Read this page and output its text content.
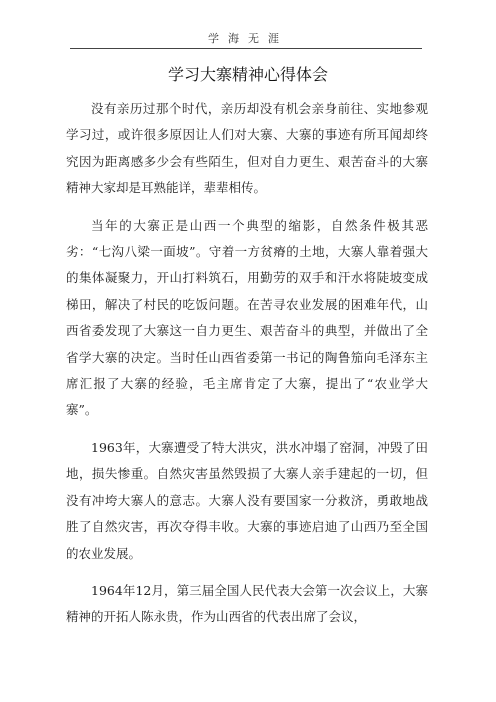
学海无涯
学习大寨精神心得体会

没有亲历过那个时代，亲历却没有机会亲身前往、实地参观学习过，或许很多原因让人们对大寨、大寨的事迹有所耳闻却终究因为距离感多少会有些陌生，但对自力更生、艰苦奋斗的大寨精神大家却是耳熟能详，辈辈相传。

当年的大寨正是山西一个典型的缩影，自然条件极其恶劣：“七沟八梁一面坡”。守着一方贫瘠的土地，大寨人靠着强大的集体凝聚力，开山打料筑石，用勤劳的双手和汗水将陡坡变成梯田，解决了村民的吃饭问题。在苦寻农业发展的困难年代，山西省委发现了大寨这一自力更生、艰苦奋斗的典型，并做出了全省学大寨的决定。当时任山西省委第一书记的陶鲁笳向毛泽东主席汇报了大寨的经验，毛主席肯定了大寨，提出了“农业学大寨”。

1963年，大寨遭受了特大洪灾，洪水冲塌了窑洞，冲毁了田地，损失惨重。自然灾害虽然毁损了大寨人亲手建起的一切，但没有冲垮大寨人的意志。大寨人没有要国家一分救济，勇敢地战胜了自然灾害，再次夺得丰收。大寨的事迹启迪了山西乃至全国的农业发展。

1964年12月，第三届全国人民代表大会第一次会议上，大寨精神的开拓人陈永贵，作为山西省的代表出席了会议，
